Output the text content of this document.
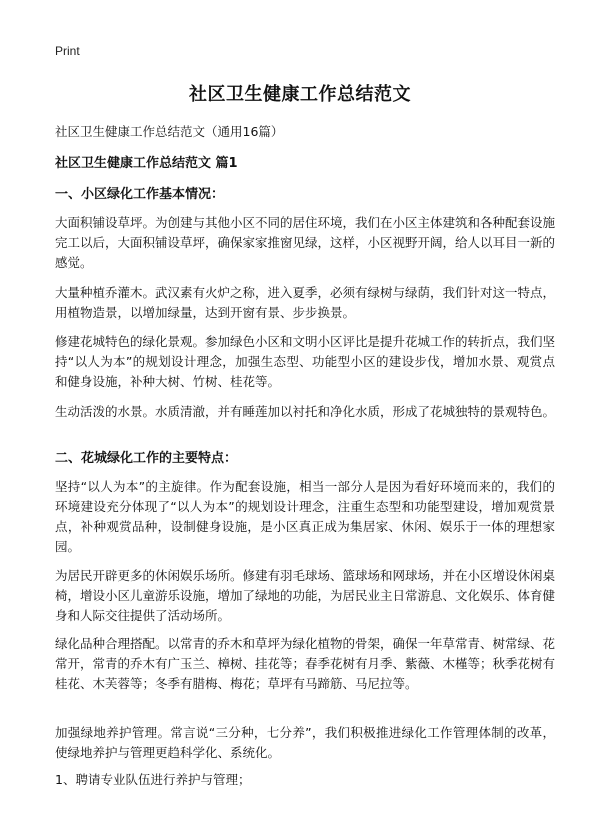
Print
社区卫生健康工作总结范文
社区卫生健康工作总结范文（通用16篇）
社区卫生健康工作总结范文 篇1
一、小区绿化工作基本情况：
大面积铺设草坪。为创建与其他小区不同的居住环境，我们在小区主体建筑和各种配套设施完工以后，大面积铺设草坪，确保家家推窗见绿，这样，小区视野开阔，给人以耳目一新的感觉。
大量种植乔灌木。武汉素有火炉之称，进入夏季，必须有绿树与绿荫，我们针对这一特点，用植物造景，以增加绿量，达到开窗有景、步步换景。
修建花城特色的绿化景观。参加绿色小区和文明小区评比是提升花城工作的转折点，我们坚持“以人为本”的规划设计理念，加强生态型、功能型小区的建设步伐，增加水景、观赏点和健身设施，补种大树、竹树、桂花等。
生动活泼的水景。水质清澈，并有睡莲加以衬托和净化水质，形成了花城独特的景观特色。
二、花城绿化工作的主要特点：
坚持“以人为本”的主旋律。作为配套设施，相当一部分人是因为看好环境而来的，我们的环境建设充分体现了“以人为本”的规划设计理念，注重生态型和功能型建设，增加观赏景点，补种观赏品种，设制健身设施，是小区真正成为集居家、休闲、娱乐于一体的理想家园。
为居民开辟更多的休闲娱乐场所。修建有羽毛球场、篮球场和网球场，并在小区增设休闲桌椅，增设小区儿童游乐设施，增加了绿地的功能，为居民业主日常游息、文化娱乐、体育健身和人际交往提供了活动场所。
绿化品种合理搭配。以常青的乔木和草坪为绿化植物的骨架，确保一年草常青、树常绿、花常开，常青的乔木有广玉兰、樟树、挂花等；春季花树有月季、紫薇、木槿等；秋季花树有桂花、木芙蓉等；冬季有腊梅、梅花；草坪有马蹄筋、马尼拉等。
加强绿地养护管理。常言说“三分种，七分养”，我们积极推进绿化工作管理体制的改革，使绿地养护与管理更趋科学化、系统化。
1、聘请专业队伍进行养护与管理；
